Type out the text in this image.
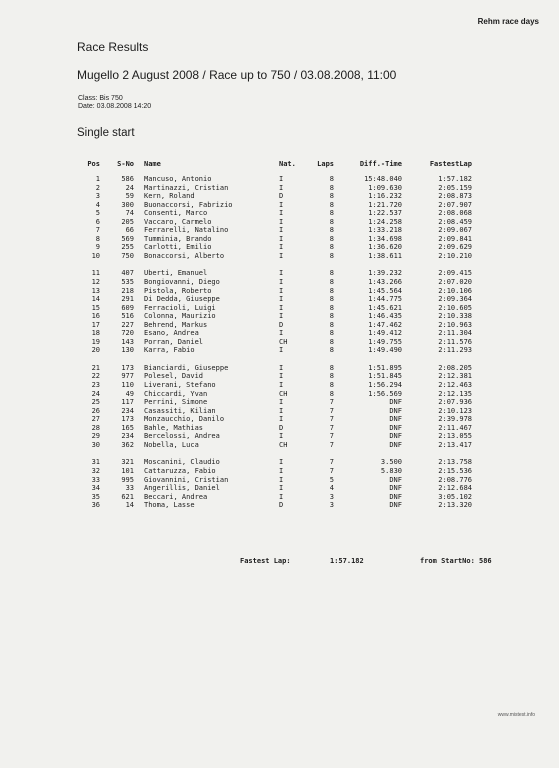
Rehm race days
Race Results
Mugello 2 August 2008 / Race up to 750 / 03.08.2008, 11:00
Class: Bis 750
Date: 03.08.2008 14:20
Single start
Pos	S-No Name	Nat.	Laps	Diff.-Time	FastestLap
1	586 Mancuso, Antonio	I	8	15:48.040	1:57.182
2	24 Martinazzi, Cristian	I	8	1:09.630	2:05.159
3	59 Kern, Roland	D	8	1:16.232	2:08.873
4	300 Buonaccorsi, Fabrizio	I	8	1:21.720	2:07.907
5	74 Consenti, Marco	I	8	1:22.537	2:08.068
6	205 Vaccaro, Carmelo	I	8	1:24.258	2:08.459
7	66 Ferrarelli, Natalino	I	8	1:33.218	2:09.067
8	569 Tumminia, Brando	I	8	1:34.698	2:09.841
9	255 Carlotti, Emilio	I	8	1:36.620	2:09.629
10	750 Bonaccorsi, Alberto	I	8	1:38.611	2:10.210
11	407 Uberti, Emanuel	I	8	1:39.232	2:09.415
12	535 Bongiovanni, Diego	I	8	1:43.266	2:07.020
13	218 Pistola, Roberto	I	8	1:45.564	2:10.106
14	291 Di Dedda, Giuseppe	I	8	1:44.775	2:09.364
15	609 Ferracioli, Luigi	I	8	1:45.621	2:10.605
16	516 Colonna, Maurizio	I	8	1:46.435	2:10.338
17	227 Behrend, Markus	D	8	1:47.462	2:10.963
18	720 Esano, Andrea	I	8	1:49.412	2:11.304
19	143 Porran, Daniel	CH	8	1:49.755	2:11.576
20	130 Karra, Fabio	I	8	1:49.490	2:11.293
21	173 Bianciardi, Giuseppe	I	8	1:51.895	2:08.205
22	977 Polesel, David	I	8	1:51.845	2:12.381
23	110 Liverani, Stefano	I	8	1:56.294	2:12.463
24	49 Chiccardi, Yvan	CH	8	1:56.569	2:12.135
25	117 Perrini, Simone	I	7	DNF	2:07.936
26	234 Casassiti, Kilian	I	7	DNF	2:10.123
27	173 Monzaucchio, Danilo	I	7	DNF	2:39.978
28	165 Bahle, Mathias	D	7	DNF	2:11.467
29	234 Bercelossi, Andrea	I	7	DNF	2:13.055
30	362 Nobella, Luca	CH	7	DNF	2:13.417
31	321 Moscanini, Claudio	I	7	3.500	2:13.758
32	101 Cattaruzza, Fabio	I	7	5.830	2:15.536
33	995 Giovannini, Cristian	I	5	DNF	2:08.776
34	33 Angerillis, Daniel	I	4	DNF	2:12.684
35	621 Beccari, Andrea	I	3	DNF	3:05.102
36	14 Thoma, Lasse	D	3	DNF	2:13.320
Fastest Lap:	1:57.182	from StartNo: 586
www.mistest.info
